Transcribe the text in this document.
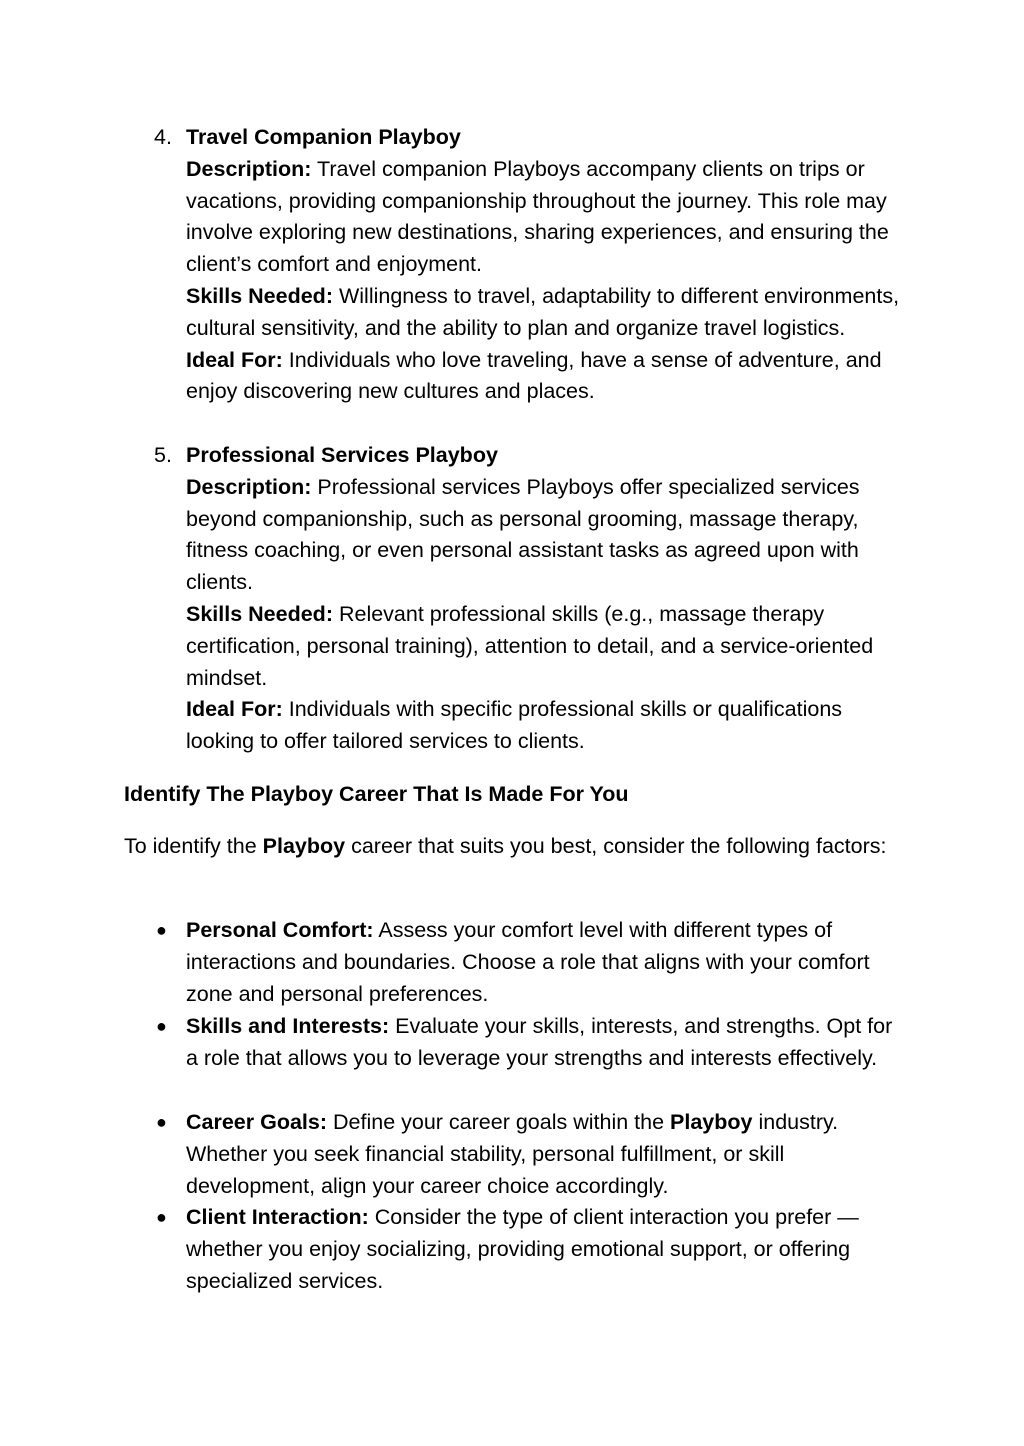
4. Travel Companion Playboy
Description: Travel companion Playboys accompany clients on trips or vacations, providing companionship throughout the journey. This role may involve exploring new destinations, sharing experiences, and ensuring the client’s comfort and enjoyment.
Skills Needed: Willingness to travel, adaptability to different environments, cultural sensitivity, and the ability to plan and organize travel logistics.
Ideal For: Individuals who love traveling, have a sense of adventure, and enjoy discovering new cultures and places.
5. Professional Services Playboy
Description: Professional services Playboys offer specialized services beyond companionship, such as personal grooming, massage therapy, fitness coaching, or even personal assistant tasks as agreed upon with clients.
Skills Needed: Relevant professional skills (e.g., massage therapy certification, personal training), attention to detail, and a service-oriented mindset.
Ideal For: Individuals with specific professional skills or qualifications looking to offer tailored services to clients.
Identify The Playboy Career That Is Made For You
To identify the Playboy career that suits you best, consider the following factors:
● Personal Comfort: Assess your comfort level with different types of interactions and boundaries. Choose a role that aligns with your comfort zone and personal preferences.
● Skills and Interests: Evaluate your skills, interests, and strengths. Opt for a role that allows you to leverage your strengths and interests effectively.
● Career Goals: Define your career goals within the Playboy industry. Whether you seek financial stability, personal fulfillment, or skill development, align your career choice accordingly.
● Client Interaction: Consider the type of client interaction you prefer — whether you enjoy socializing, providing emotional support, or offering specialized services.
